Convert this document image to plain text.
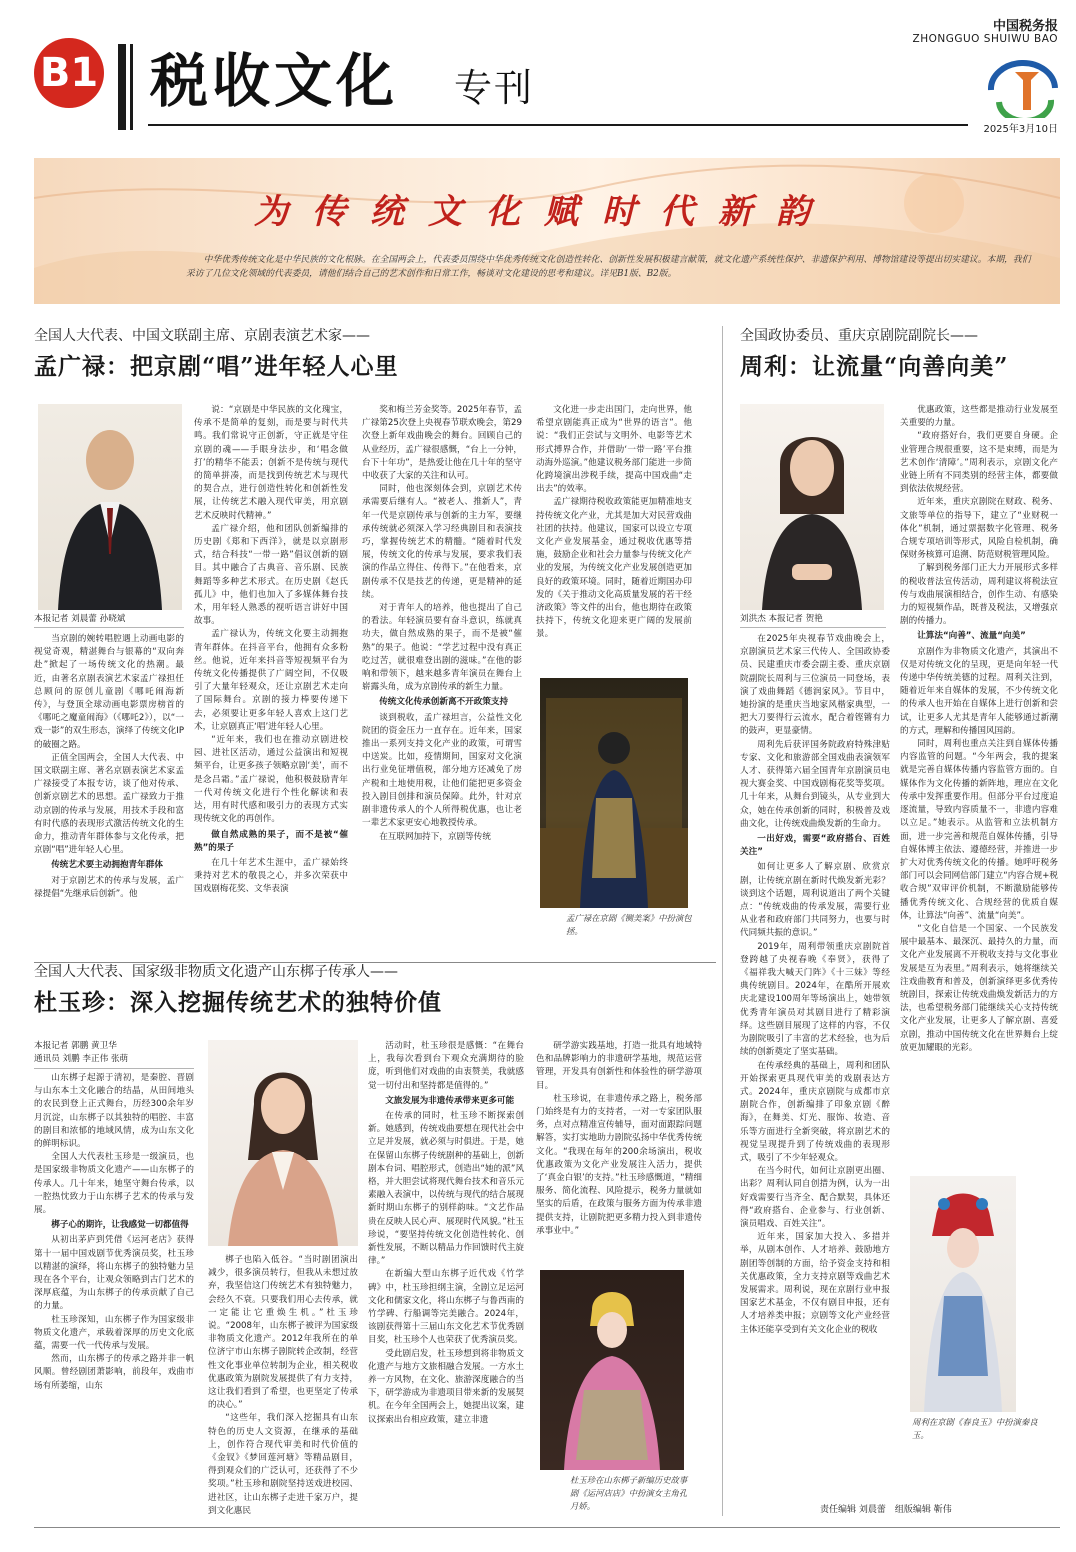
B1 税收文化 专刊
中国税务报
ZHONGGUO SHUIWU BAO
2025年3月10日
为传统文化赋时代新韵
中华优秀传统文化是中华民族的文化根脉。在全国两会上，代表委员围绕中华优秀传统文化创造性转化、创新性发展积极建言献策，就文化遗产系统性保护、非遗保护利用、博物馆建设等提出切实建议。本期，我们采访了几位文化领域的代表委员，请他们结合自己的艺术创作和日常工作，畅谈对文化建设的思考和建议。详见B1版、B2版。
全国人大代表、中国文联副主席、京剧表演艺术家——
孟广禄：把京剧“唱”进年轻人心里
本报记者 刘晨蕾 孙晓斌

当京剧的婉转唱腔遇上动画电影的视觉奇观，精湛舞台与银幕的“双向奔赴”掀起了一场传统文化的热潮。最近，由著名京剧表演艺术家孟广禄担任总顾问的原创儿童剧《哪吒闹海新传》，与登顶全球动画电影票房榜首的《哪吒之魔童闹海》（《哪吒2》），以“一戏一影”的双生形态，演绎了传统文化IP的破圈之路。

正值全国两会，全国人大代表、中国文联副主席、著名京剧表演艺术家孟广禄接受了本报专访，谈了他对传承、创新京剧艺术的思想。孟广禄致力于推动京剧的传承与发展，用技术手段和富有时代感的表现形式激活传统文化的生命力，推动青年群体参与文化传承，把京剧“唱”进年轻人心里。

传统艺术要主动拥抱青年群体

对于京剧艺术的传承与发展，孟广禄提倡“先继承后创新”。他

说：“京剧是中华民族的文化瑰宝，传承不是简单的复刻，而是要与时代共鸣。我们常说守正创新，守正就是守住京剧的魂——手眼身法步，和‘唱念做打’的精华不能丢；创新不是传统与现代的简单拼凑，而是找到传统艺术与现代的契合点，进行创造性转化和创新性发展，让传统艺术融入现代审美，用京剧艺术反映时代精神。”

孟广禄介绍，他和团队创新编排的历史剧《郑和下西洋》，就是以京剧形式，结合科技“一带一路”倡议创新的剧目。其中融合了古典音、音乐剧、民族舞蹈等多种艺术形式。在历史剧《赵氏孤儿》中，他们也加入了多媒体舞台技术，用年轻人熟悉的视听语言讲好中国故事。

孟广禄认为，传统文化要主动拥抱青年群体。在抖音平台，他拥有众多粉丝。他说，近年来抖音等短视频平台为传统文化传播提供了广阔空间，不仅吸引了大量年轻观众，还让京剧艺术走向了国际舞台。京剧的接力棒要传递下去，必须要让更多年轻人喜欢上这门艺术，让京剧真正‘唱’进年轻人心里。

“近年来，我们也在推动京剧进校园、进社区活动，通过公益演出和短视频平台，让更多孩子领略京剧‘美’，而不是念吕霜。”孟广禄说，他积极鼓励青年一代对传统文化进行个性化解读和表达，用有时代感和吸引力的表现方式实现传统文化的再创作。

做自然成熟的果子，而不是被“催熟”的果子

在几十年艺术生涯中，孟广禄始终秉持对艺术的敬畏之心，并多次荣获中国戏剧梅花奖、文华表演

奖和梅兰芳金奖等。2025年春节，孟广禄第25次登上央视春节联欢晚会，第29次登上新年戏曲晚会的舞台。回顾自己的从业经历，孟广禄很感慨，“台上一分钟，台下十年功”，是热爱让他在几十年的坚守中收获了大家的关注和认可。

同时，他也深刻体会到，京剧艺术传承需要后继有人。“被老人、推新人”，青年一代是京剧传承与创新的主力军，要继承传统就必须深入学习经典剧目和表演技巧，掌握传统艺术的精髓。“随着时代发展，传统文化的传承与发展，要求我们表演的作品立得住、传得下。”在他看来，京剧传承不仅是技艺的传递，更是精神的延续。

对于青年人的培养，他也提出了自己的看法。年轻演员要有奋斗意识，练就真功夫，做自然成熟的果子，而不是被“催熟”的果子。他说：“学艺过程中没有真正吃过苦，就很难登出剧的滋味。”在他的影响和带领下，越来越多青年演员在舞台上崭露头角，成为京剧传承的新生力量。

传统文化传承创新离不开政策支持

谈到税收，孟广禄坦言，公益性文化院团的资金压力一直存在。近年来，国家推出一系列支持文化产业的政策，可谓雪中送炭。比如，疫情期间，国家对文化演出行业免征增值税，部分地方还减免了房产税和土地使用税，让他们能把更多资金投入剧目创排和演员保障。此外，针对京剧非遗传承人的个人所得税优惠，也让老一辈艺术家更安心地教授传承。

在互联网加持下，京剧等传统

文化进一步走出国门，走向世界，他希望京剧能真正成为“世界的语言”。他说：“我们正尝试与文明外、电影等艺术形式搏界合作，并借助‘一带一路’平台推动海外巡演。”他建议税务部门能进一步简化跨境演出涉税手续，提高中国戏曲“走出去”的效率。

孟广禄期待税收政策能更加精准地支持传统文化产业，尤其是加大对民营戏曲社团的扶持。他建议，国家可以设立专项文化产业发展基金，通过税收优惠等措施，鼓励企业和社会力量参与传统文化产业的发展，为传统文化产业发展创造更加良好的政策环境。同时，随着近期国办印发的《关于推动文化高质量发展的若干经济政策》等文件的出台，他也期待在政策扶持下，传统文化迎来更广阔的发展前景。

孟广禄在京剧《铡美案》中扮演包拯。
全国政协委员、重庆京剧院副院长——
周利：让流量“向善向美”
刘洪杰 本报记者 贺艳

在2025年央视春节戏曲晚会上，京剧演员艺术家三代传人、全国政协委员、民建重庆市委会副主委、重庆京剧院副院长周利与三位演员一同登场，表演了戏曲舞蹈《德润家风》。节目中，她扮演的是重庆当地家风楷家典型，一把大刀要得行云流水，配合着铿锵有力的鼓声，更显豪情。

周利先后获评国务院政府特殊津贴专家、文化和旅游部全国戏曲表演领军人才、获得第六届全国青年京剧演员电视大赛金奖、中国戏剧梅花奖等奖项。几十年来，从舞台到镜头，从专业到大众，她在传承创新的同时，积极普及戏曲文化，让传统戏曲焕发新的生命力。

一出好戏，需要“政府搭台、百姓关注”

如何让更多人了解京剧、欣赏京剧，让传统京剧在新时代焕发新光彩？谈到这个话题，周利说道出了两个关键点：“传统戏曲的传承发展，需要行业从业者和政府部门共同努力，也要与时代同频共振的意识。”

2019年，周利带领重庆京剧院首登跨越了央视春晚《奉贤》，获得了《福祥我大喊天门阵》《十三妹》等经典传统剧目。2024年，在酷所开展欢庆北建设100周年等场演出上，她带领优秀青年演员对其剧目进行了精彩演绎。这些剧目展现了这样的内容，不仅为剧院吸引了丰富的艺术经验，也为后续的创新奠定了坚实基础。

在传承经典的基础上，周利和团队开始探索更具现代审美的戏剧表达方式。2024年，重庆京剧院与成都市京剧院合作，创新编排了印象京剧《醉海》，在舞美、灯光、服饰、妆造、音乐等方面进行全新突破，将京剧艺术的视觉呈现提升到了传统戏曲的表现形式，吸引了不少年轻观众。

在当今时代，如何让京剧更出圈、出彩？周利认同自创措为例，认为一出好戏需要行当齐全、配合默契，具体还得“政府搭台、企业参与、行业创新、演员唱戏、百姓关注”。

近年来，国家加大投入、多措并举，从剧本创作、人才培养、鼓励地方剧团等创制的方面，给予资金支持和相关优惠政策，全力支持京剧等戏曲艺术发展需求。周利说，现在京剧行业申报国家艺术基金，不仅有剧目申报，还有人才培养类申报；京剧等文化产业经营主体还能享受到有关文化企业的税收

优惠政策，这些都是推动行业发展至关重要的力量。

“政府搭好台，我们更要自身硬。企业管理合规很重要，这不是束缚，而是为艺术创作‘清障’。”周利表示，京剧文化产业链上所有不同类别的经营主体，都要做到依法依规经营。

近年来，重庆京剧院在财政、税务、文旅等单位的指导下，建立了“业财税一体化”机制，通过票据数字化管理、税务合规专项培训等形式，风险自检机制，确保财务核算可追溯、防范财税管理风险。

了解到税务部门正大力开展形式多样的税收普法宣传活动，周利建议将税法宣传与戏曲展演相结合，创作生动、有感染力的短视频作品，既普及税法，又增强京剧的传播力。

让算法“向善”、流量“向美”

京剧作为非物质文化遗产，其演出不仅是对传统文化的呈现，更是向年轻一代传递中华传统美德的过程。周利关注到，随着近年来自媒体的发展，不少传统文化的传承人也开始在自媒体上进行创新和尝试，让更多人尤其是青年人能够通过新潮的方式，理解和传播国风国韵。

同时，周利也重点关注到自媒体传播内容监管的问题。“今年两会，我的提案就是完善自媒体传播内容监管方面的。自媒体作为文化传播的新阵地，理应在文化传承中发挥重要作用。但部分平台过度追逐流量，导致内容质量不一，非遗内容难以立足。”她表示。从监管和立法机制方面，进一步完善和规范自媒体传播，引导自媒体博主依法、遵德经营，并推进一步扩大对优秀传统文化的传播。她呼吁税务部门可以会同网信部门建立“内容合规+税收合规”双审评价机制，不断激励能够传播优秀传统文化、合规经营的优质自媒体，让算法“向善”、流量“向美”。

“文化自信是一个国家、一个民族发展中最基本、最深沉、最持久的力量，而文化产业发展离不开税收支持与文化事业发展是互为表里。”周利表示，她将继续关注戏曲教育和普及，创新演绎更多优秀传统剧目，探索让传统戏曲焕发新活力的方法，也希望税务部门能继续关心支持传统文化产业发展，让更多人了解京剧、喜爱京剧，推动中国传统文化在世界舞台上绽放更加耀眼的光彩。

周利在京剧《春良玉》中扮演秦良玉。
全国人大代表、国家级非物质文化遗产山东梆子传承人——
杜玉珍：深入挖掘传统艺术的独特价值
本报记者 郭鹏 黄卫华
通讯员 刘鹏 李正伟 张萌

山东梆子起源于清初，是秦腔、晋剧与山东本土文化融合的结晶，从田间地头的农民到登上正式舞台，历经300余年岁月沉淀，山东梆子以其独特的唱腔、丰富的剧目和浓郁的地域风情，成为山东文化的鲜明标识。

全国人大代表杜玉珍是一级演员，也是国家级非物质文化遗产——山东梆子的传承人。几十年来，她坚守舞台传承，以一腔热忱致力于山东梆子艺术的传承与发展。

梆子心的期许，让我感觉一切都值得

从初出茅庐到凭借《运河老店》获得第十一届中国戏剧节优秀演员奖，杜玉珍以精湛的演绎，将山东梆子的独特魅力呈现在各个平台，让观众领略到古门艺术的深厚底蕴，为山东梆子的传承贡献了自己的力量。

杜玉珍深知，山东梆子作为国家级非物质文化遗产，承载着深厚的历史文化底蕴，需要一代一代传承与发展。

然而，山东梆子的传承之路并非一帆风顺。曾经剧团萧影响，前段年，戏曲市场有所萎缩，山东

梆子也陷入低谷。“当时剧团演出减少，很多演员转行，但我从未想过放弃，我坚信这门传统艺术有独特魅力，会经久不衰。只要我们用心去传承，就一定能让它重焕生机。”杜玉珍说。“2008年，山东梆子被评为国家级非物质文化遗产。2012年我所在的单位济宁市山东梆子剧院转企改制，经营性文化事业单位转制为企业，相关税收优惠政策为剧院发展提供了有力支持，这让我们看到了希望，也更坚定了传承的决心。”

“这些年，我们深入挖掘具有山东特色的历史人文资源，在继承的基础上，创作符合现代审美和时代价值的《金钗》《梦回莲河塘》等精品剧目，得到观众们的广泛认可，还获得了不少奖项。”杜玉珍和剧院坚持送戏进校园、进社区，让山东梆子走进千家万户，提到文化惠民

活动时，杜玉珍很是感慨：“在舞台上，我每次看到台下观众充满期待的脸庞，听到他们对戏曲的由衷赞美，我就感觉一切付出和坚持都是值得的。”

文旅发展为非遗传承带来更多可能

在传承的同时，杜玉珍不断探索创新。她感到，传统戏曲要想在现代社会中立足并发展，就必须与时俱进。于是，她在保留山东梆子传统剧种的基础上，创新剧本台词、唱腔形式，创造出“她的派”风格，并大胆尝试将现代舞台技术和音乐元素融入表演中，以传统与现代的结合展现新时期山东梆子的别样韵味。“文艺作品贵在反映人民心声、展现时代风貌。”杜玉珍说，“要坚持传统文化创造性转化、创新性发展，不断以精品力作回馈时代主旋律。”

在新编大型山东梆子近代戏《竹学碑》中，杜玉珍担纲主演，全剧立足运河文化和儒家文化，将山东梆子与鲁西南的竹学碑、行船调等完美融合。2024年，该剧获得第十三届山东文化艺术节优秀剧目奖，杜玉珍个人也荣获了优秀演员奖。

受此剧启发，杜玉珍想到将非物质文化遗产与地方文旅相融合发展。一方水土养一方风物，在文化、旅游深度融合的当下，研学游成为非遗项目带来新的发展契机。在今年全国两会上，她提出议案，建议探索出台相应政策，建立非遗

研学游实践基地，打造一批具有地域特色和品牌影响力的非遗研学基地，规范运营管理，开发具有创新性和体验性的研学游项目。

杜玉珍说，在非遗传承之路上，税务部门始终是有力的支持者，一对一专家团队服务，点对点精准宣传辅导，面对面跟踪问题解答，实打实地助力剧院弘扬中华优秀传统文化。“我现在每年的200余场演出，税收优惠政策为文化产业发展注入活力，提供了‘真金白银’的支持。”杜玉珍感慨道，“精细服务、简化流程、风险提示，税务力量就如坚实的后盾，在政策与服务方面为传承非遗提供支持，让剧院把更多精力投入到非遗传承事业中。”

杜玉珍在山东梆子新编历史故事剧《运河店店》中扮演女主角孔月娇。	责任编辑 刘晨蕾　组版编辑 靳伟
